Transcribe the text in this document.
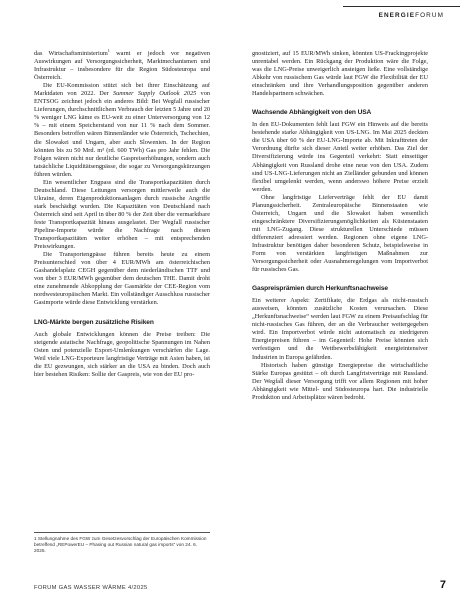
ENERGIEFORUM

das Wirtschaftsministerium$^1$ warnt er jedoch vor negativen Auswirkungen auf Versorgungssicherheit, Marktmechanismen und Infrastruktur – insbesondere für die Region Südosteuropa und Österreich.

Die EU-Kommission stützt sich bei ihrer Einschätzung auf Marktdaten von 2022. Der Summer Supply Outlook 2025 von ENTSOG zeichnet jedoch ein anderes Bild: Bei Wegfall russischer Lieferungen, durchschnittlichem Verbrauch der letzten 5 Jahre und 20 % weniger LNG käme es EU-weit zu einer Unterversorgung von 12 % – mit einem Speicherstand von nur 11 % nach dem Sommer. Besonders betroffen wären Binnenländer wie Österreich, Tschechien, die Slowakei und Ungarn, aber auch Slowenien. In der Region könnten bis zu 50 Mrd. m³ (rd. 600 TWh) Gas pro Jahr fehlen. Die Folgen wären nicht nur deutliche Gaspreiserhöhungen, sondern auch tatsächliche Liquiditätsengpässe, die sogar zu Versorgungskürzungen führen würden.

Ein wesentlicher Engpass sind die Transportkapazitäten durch Deutschland. Diese Leitungen versorgen mittlerweile auch die Ukraine, deren Eigenproduktionsanlagen durch russische Angriffe stark beschädigt wurden. Die Kapazitäten von Deutschland nach Österreich sind seit April in über 80 % der Zeit über die vermarktbare feste Transportkapazität hinaus ausgelastet. Der Wegfall russischer Pipeline-Importe würde die Nachfrage nach diesen Transportkapazitäten weiter erhöhen – mit entsprechenden Preiswirkungen.

Die Transportengpässe führen bereits heute zu einem Preisunterschied von über 4 EUR/MWh am österreichischen Gashandelsplatz CEGH gegenüber dem niederländischen TTF und von über 3 EUR/MWh gegenüber dem deutschen THE. Damit droht eine zunehmende Abkopplung der Gasmärkte der CEE-Region vom nordwesteuropäischen Markt. Ein vollständiger Ausschluss russischer Gasimporte würde diese Entwicklung verstärken.

LNG-Märkte bergen zusätzliche Risiken

Auch globale Entwicklungen können die Preise treiben: Die steigende asiatische Nachfrage, geopolitische Spannungen im Nahen Osten und potenzielle Export-Umlenkungen verschärfen die Lage. Weil viele LNG-Exporteure langfristige Verträge mit Asien haben, ist die EU gezwungen, sich stärker an die USA zu binden. Doch auch hier bestehen Risiken: Sollte der Gaspreis, wie von der EU pro-

gnostiziert, auf 15 EUR/MWh sinken, könnten US-Frackingprojekte unrentabel werden. Ein Rückgang der Produktion wäre die Folge, was die LNG-Preise unweigerlich ansteigen ließe. Eine vollständige Abkehr von russischem Gas würde laut FGW die Flexibilität der EU einschränken und ihre Verhandlungsposition gegenüber anderen Handelspartnern schwächen.

Wachsende Abhängigkeit von den USA

In den EU-Dokumenten fehlt laut FGW ein Hinweis auf die bereits bestehende starke Abhängigkeit von US-LNG. Im Mai 2025 deckten die USA über 60 % der EU-LNG-Importe ab. Mit Inkrafttreten der Verordnung dürfte sich dieser Anteil weiter erhöhen. Das Ziel der Diversifizierung würde ins Gegenteil verkehrt: Statt einseitiger Abhängigkeit von Russland drohe eine neue von den USA. Zudem sind US-LNG-Lieferungen nicht an Zielländer gebunden und können flexibel umgelenkt werden, wenn anderswo höhere Preise erzielt werden.

Ohne langfristige Lieferverträge fehlt der EU damit Planungssicherheit. Zentraleuropäische Binnenstaaten wie Österreich, Ungarn und die Slowakei haben wesentlich eingeschränktere Diversifizierungsmöglichkeiten als Küstenstaaten mit LNG-Zugang. Diese strukturellen Unterschiede müssen differenziert adressiert werden. Regionen ohne eigene LNG-Infrastruktur benötigen daher besonderen Schutz, beispielsweise in Form von verstärkten langfristigen Maßnahmen zur Versorgungssicherheit oder Ausnahmeregelungen vom Importverbot für russisches Gas.

Gaspreisprämien durch Herkunftsnachweise

Ein weiterer Aspekt: Zertifikate, die Erdgas als nicht-russisch ausweisen, könnten zusätzliche Kosten verursachen. Diese „Herkunftsnachweise“ werden laut FGW zu einem Preisaufschlag für nicht-russisches Gas führen, der an die Verbraucher weitergegeben wird. Ein Importverbot würde nicht automatisch zu niedrigeren Energiepreisen führen – im Gegenteil: Hohe Preise könnten sich verfestigen und die Wettbewerbsfähigkeit energieintensiver Industrien in Europa gefährden.

Historisch haben günstige Energiepreise die wirtschaftliche Stärke Europas gestützt – oft durch Langfristverträge mit Russland. Der Wegfall dieser Versorgung trifft vor allem Regionen mit hoher Abhängigkeit wie Mittel- und Südosteuropa hart. Die industrielle Produktion und Arbeitsplätze wären bedroht.

1 Stellungnahme des FGW zum Gesetzesvorschlag der Europäischen Kommission betreffend „REPowerEU – Phasing out Russian natural gas imports“ von 24. 6. 2025.
FORUM GAS WASSER WÄRME 4/2025	7
